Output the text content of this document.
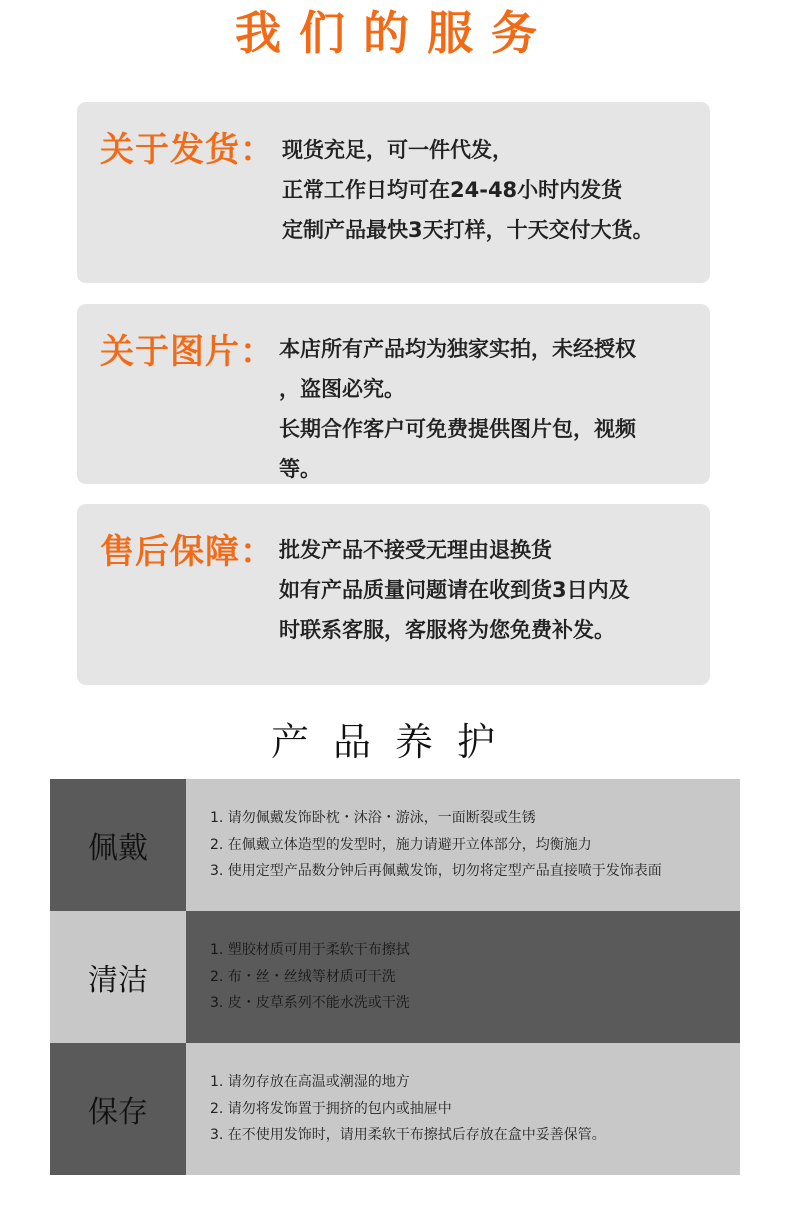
我们的服务
关于发货： 现货充足，可一件代发，
正常工作日均可在24-48小时内发货
定制产品最快3天打样，十天交付大货。
关于图片： 本店所有产品均为独家实拍，未经授权
，盗图必究。
长期合作客户可免费提供图片包，视频
等。
售后保障： 批发产品不接受无理由退换货
如有产品质量问题请在收到货3日内及
时联系客服，客服将为您免费补发。
产品养护
佩戴
1. 请勿佩戴发饰卧枕・沐浴・游泳，一面断裂或生锈
2. 在佩戴立体造型的发型时，施力请避开立体部分，均衡施力
3. 使用定型产品数分钟后再佩戴发饰，切勿将定型产品直接喷于发饰表面
清洁
1. 塑胶材质可用于柔软干布擦拭
2. 布・丝・丝绒等材质可干洗
3. 皮・皮草系列不能水洗或干洗
保存
1. 请勿存放在高温或潮湿的地方
2. 请勿将发饰置于拥挤的包内或抽屉中
3. 在不使用发饰时，请用柔软干布擦拭后存放在盒中妥善保管。
